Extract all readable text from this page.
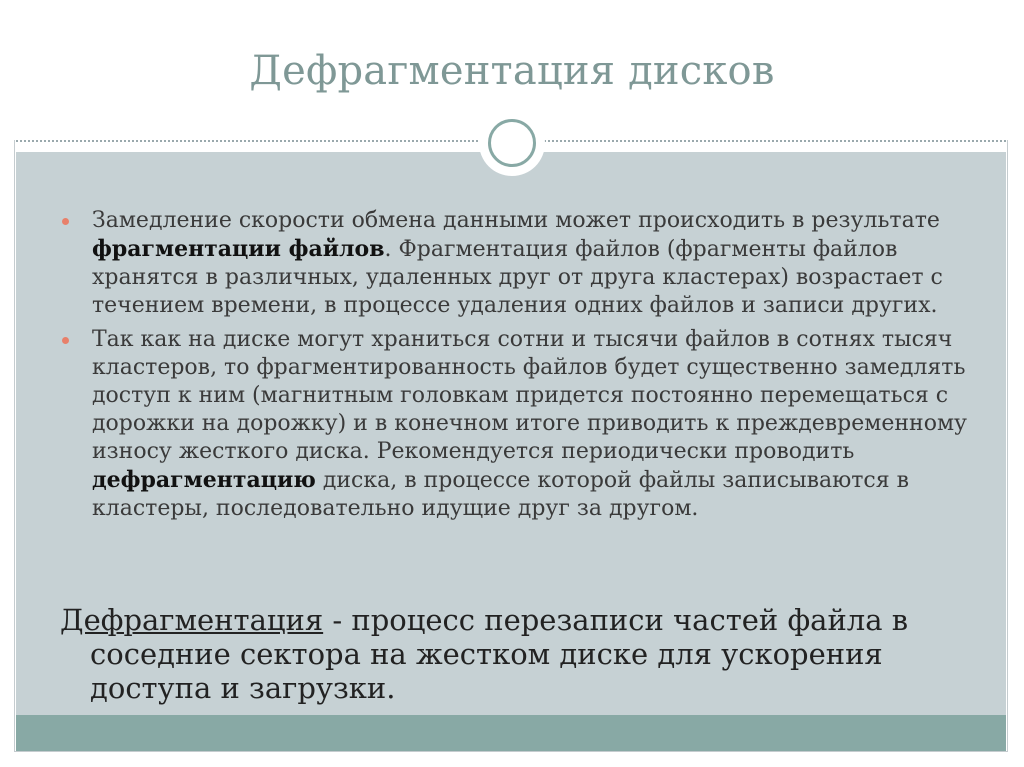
Дефрагментация дисков
Замедление скорости обмена данными может происходить в результате фрагментации файлов. Фрагментация файлов (фрагменты файлов хранятся в различных, удаленных друг от друга кластерах) возрастает с течением времени, в процессе удаления одних файлов и записи других.
Так как на диске могут храниться сотни и тысячи файлов в сотнях тысяч кластеров, то фрагментированность файлов будет существенно замедлять доступ к ним (магнитным головкам придется постоянно перемещаться с дорожки на дорожку) и в конечном итоге приводить к преждевременному износу жесткого диска. Рекомендуется периодически проводить дефрагментацию диска, в процессе которой файлы записываются в кластеры, последовательно идущие друг за другом.
Дефрагментация - процесс перезаписи частей файла в
соседние сектора на жестком диске для ускорения доступа и загрузки.
